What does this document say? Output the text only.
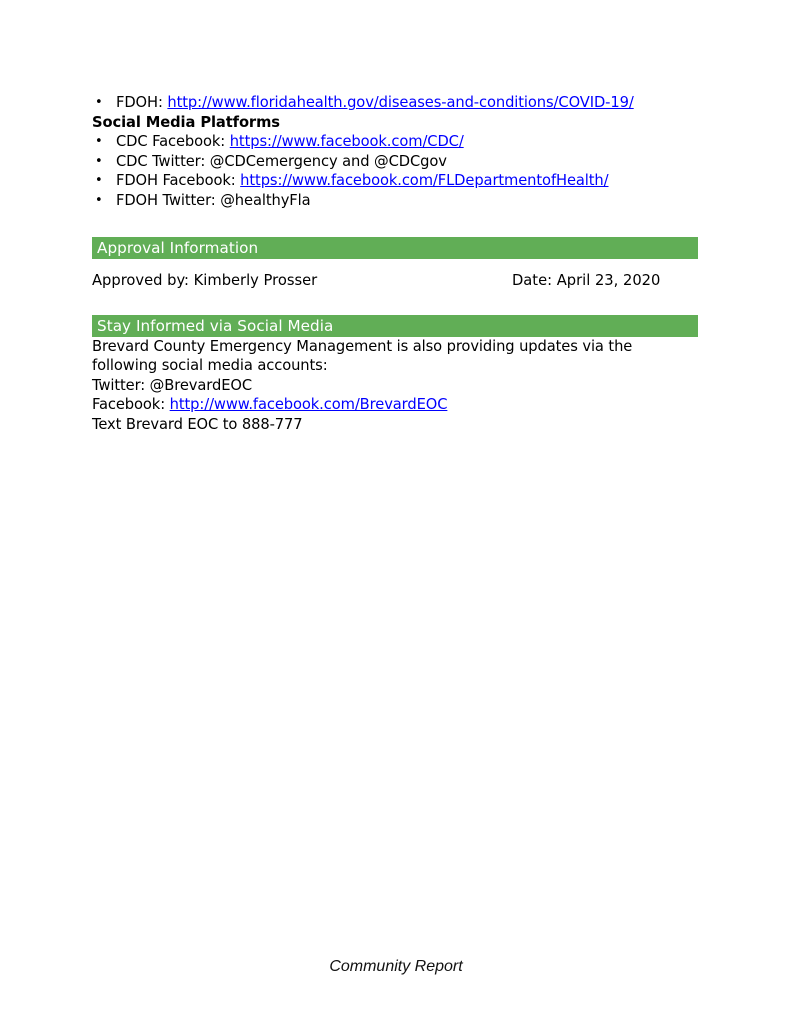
• FDOH: http://www.floridahealth.gov/diseases-and-conditions/COVID-19/

Social Media Platforms

• CDC Facebook: https://www.facebook.com/CDC/
• CDC Twitter: @CDCemergency and @CDCgov
• FDOH Facebook: https://www.facebook.com/FLDepartmentofHealth/
• FDOH Twitter: @healthyFla
Approval Information
Approved by: Kimberly Prosser	Date: April 23, 2020
Stay Informed via Social Media

Brevard County Emergency Management is also providing updates via the following social media accounts:

Twitter: @BrevardEOC

Facebook: http://www.facebook.com/BrevardEOC

Text Brevard EOC to 888-777

Community Report
